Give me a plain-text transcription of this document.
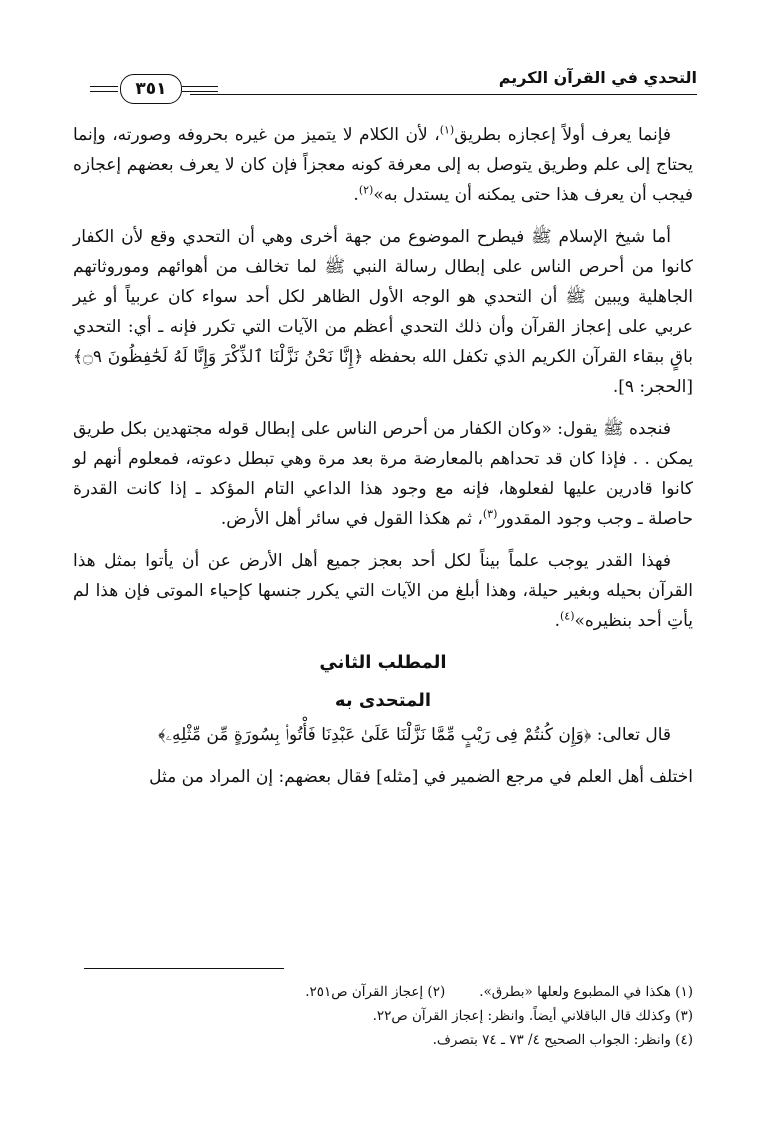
التحدي في القرآن الكريم
٣٥١

فإنما يعرف أولاً إعجازه بطريق$^{(١)}$، لأن الكلام لا يتميز من غيره بحروفه وصورته، وإنما يحتاج إلى علم وطريق يتوصل به إلى معرفة كونه معجزاً فإن كان لا يعرف بعضهم إعجازه فيجب أن يعرف هذا حتى يمكنه أن يستدل به»$^{(٢)}$.

أما شيخ الإسلام ﷺ فيطرح الموضوع من جهة أخرى وهي أن التحدي وقع لأن الكفار كانوا من أحرص الناس على إبطال رسالة النبي ﷺ لما تخالف من أهوائهم وموروثاتهم الجاهلية ويبين ﷺ أن التحدي هو الوجه الأول الظاهر لكل أحد سواء كان عربياً أو غير عربي على إعجاز القرآن وأن ذلك التحدي أعظم من الآيات التي تكرر فإنه ـ أي: التحدي باقٍ ببقاء القرآن الكريم الذي تكفل الله بحفظه ﴿إِنَّا نَحْنُ نَزَّلْنَا ٱلذِّكْرَ وَإِنَّا لَهُ لَحَٰفِظُونَ ۝٩﴾ [الحجر: ٩].

فنجده ﷺ يقول: «وكان الكفار من أحرص الناس على إبطال قوله مجتهدين بكل طريق يمكن . . فإذا كان قد تحداهم بالمعارضة مرة بعد مرة وهي تبطل دعوته، فمعلوم أنهم لو كانوا قادرين عليها لفعلوها، فإنه مع وجود هذا الداعي التام المؤكد ـ إذا كانت القدرة حاصلة ـ وجب وجود المقدور$^{(٣)}$، ثم هكذا القول في سائر أهل الأرض.

فهذا القدر يوجب علماً بيناً لكل أحد بعجز جميع أهل الأرض عن أن يأتوا بمثل هذا القرآن بحيله وبغير حيلة، وهذا أبلغ من الآيات التي يكرر جنسها كإحياء الموتى فإن هذا لم يأتِ أحد بنظيره»$^{(٤)}$.

المطلب الثاني
المتحدى به

قال تعالى: ﴿وَإِن كُنتُمْ فِى رَيْبٍ مِّمَّا نَزَّلْنَا عَلَىٰ عَبْدِنَا فَأْتُوا۟ بِسُورَةٍ مِّن مِّثْلِهِۦ﴾

اختلف أهل العلم في مرجع الضمير في [مثله] فقال بعضهم: إن المراد من مثل

(١) هكذا في المطبوع ولعلها «بطرق».(٢) إعجاز القرآن ص٢٥١.
(٣) وكذلك قال الباقلاني أيضاً. وانظر: إعجاز القرآن ص٢٢.
(٤) وانظر: الجواب الصحيح ٤/ ٧٣ ـ ٧٤ بتصرف.
